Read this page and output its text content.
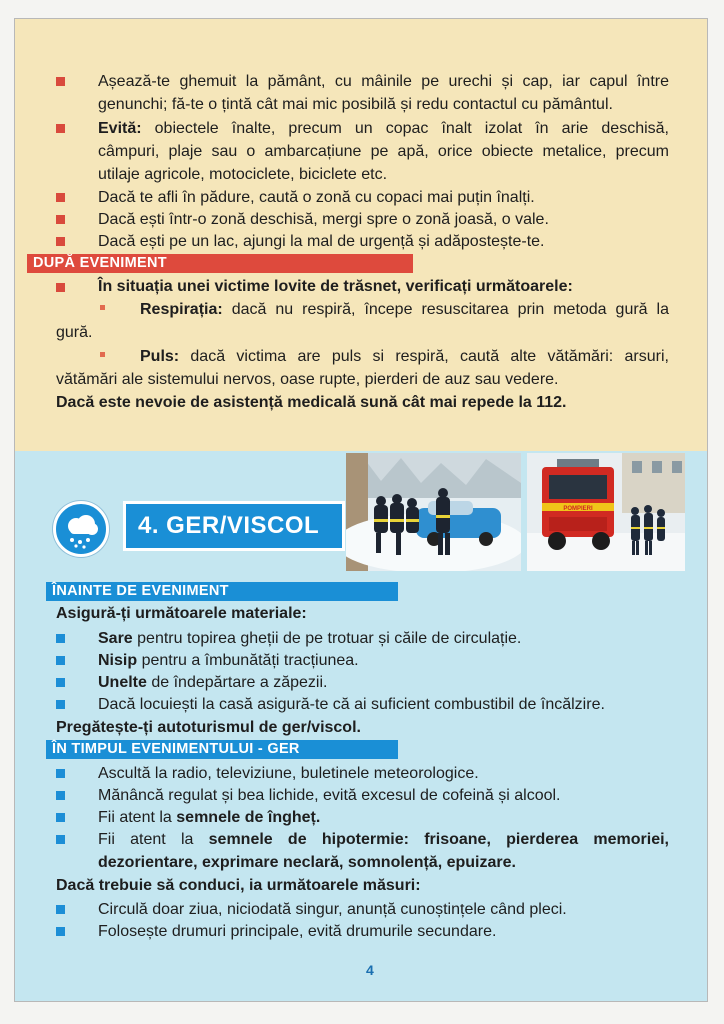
Așează-te ghemuit la pământ, cu mâinile pe urechi și cap, iar capul între
genunchi; fă-te o țintă cât mai mic posibilă și redu contactul cu pământul.
Evită: obiectele înalte, precum un copac înalt izolat în arie deschisă,
câmpuri, plaje sau o ambarcațiune pe apă, orice obiecte metalice, precum
utilaje agricole, motociclete, biciclete etc.
Dacă te afli în pădure, caută o zonă cu copaci mai puțin înalți.
Dacă ești într-o zonă deschisă, mergi spre o zonă joasă, o vale.
Dacă ești pe un lac, ajungi la mal de urgență și adăpostește-te.
DUPĂ EVENIMENT
În situația unei victime lovite de trăsnet, verificați următoarele:
Respirația: dacă nu respiră, începe resuscitarea prin metoda gură la
gură.
Puls: dacă victima are puls si respiră, caută alte vătămări: arsuri,
vătămări ale sistemului nervos, oase rupte, pierderi de auz sau vedere.
Dacă este nevoie de asistență medicală sună cât mai repede la 112.
POMPIERI
4. GER/VISCOL
ÎNAINTE DE EVENIMENT
Asigură-ți următoarele materiale:
Sare pentru topirea gheții de pe trotuar și căile de circulație.
Nisip pentru a îmbunătăți tracțiunea.
Unelte de îndepărtare a zăpezii.
Dacă locuiești la casă asigură-te că ai suficient combustibil de încălzire.
Pregătește-ți autoturismul de ger/viscol.
ÎN TIMPUL EVENIMENTULUI - GER
Ascultă la radio, televiziune, buletinele meteorologice.
Mănâncă regulat și bea lichide, evită excesul de cofeină și alcool.
Fii atent la semnele de îngheț.
Fii atent la semnele de hipotermie: frisoane, pierderea memoriei,
dezorientare, exprimare neclară, somnolență, epuizare.
Dacă trebuie să conduci, ia următoarele măsuri:
Circulă doar ziua, niciodată singur, anunță cunoștințele când pleci.
Folosește drumuri principale, evită drumurile secundare.
4
